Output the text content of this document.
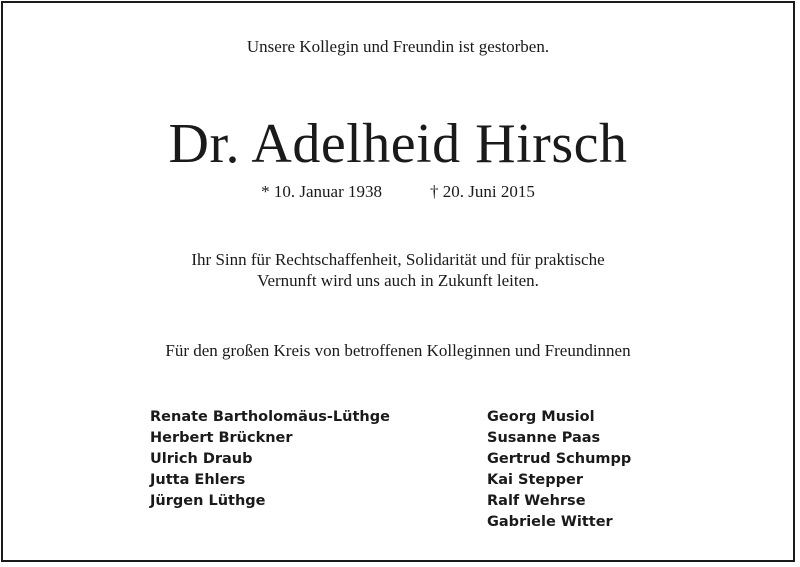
Unsere Kollegin und Freundin ist gestorben.
Dr. Adelheid Hirsch
* 10. Januar 1938	† 20. Juni 2015
Ihr Sinn für Rechtschaffenheit, Solidarität und für praktische
Vernunft wird uns auch in Zukunft leiten.
Für den großen Kreis von betroffenen Kolleginnen und Freundinnen
Renate Bartholomäus-Lüthge
Herbert Brückner
Ulrich Draub
Jutta Ehlers
Jürgen Lüthge
Georg Musiol
Susanne Paas
Gertrud Schumpp
Kai Stepper
Ralf Wehrse
Gabriele Witter
